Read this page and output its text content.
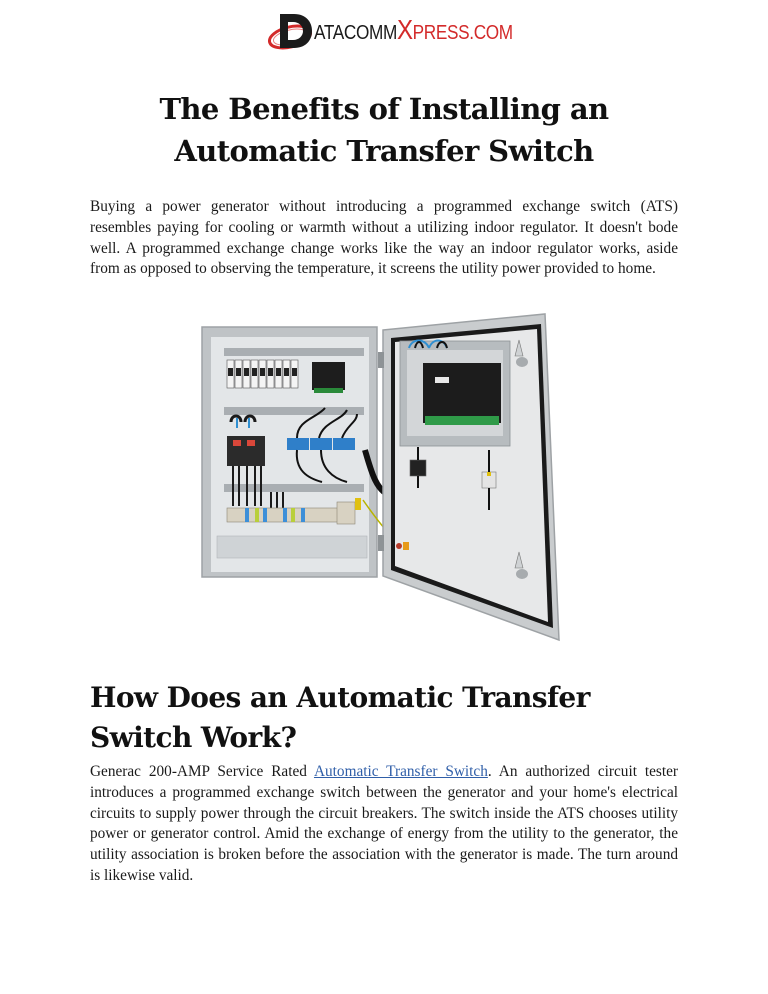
ATACOMMXPRESS.COM
The Benefits of Installing an Automatic Transfer Switch

Buying a power generator without introducing a programmed exchange switch (ATS) resembles paying for cooling or warmth without a utilizing indoor regulator. It doesn't bode well. A programmed exchange change works like the way an indoor regulator works, aside from as opposed to observing the temperature, it screens the utility power provided to home.

How Does an Automatic Transfer Switch Work?

Generac 200-AMP Service Rated Automatic Transfer Switch. An authorized circuit tester introduces a programmed exchange switch between the generator and your home's electrical circuits to supply power through the circuit breakers. The switch inside the ATS chooses utility power or generator control. Amid the exchange of energy from the utility to the generator, the utility association is broken before the association with the generator is made. The turn around is likewise valid.
